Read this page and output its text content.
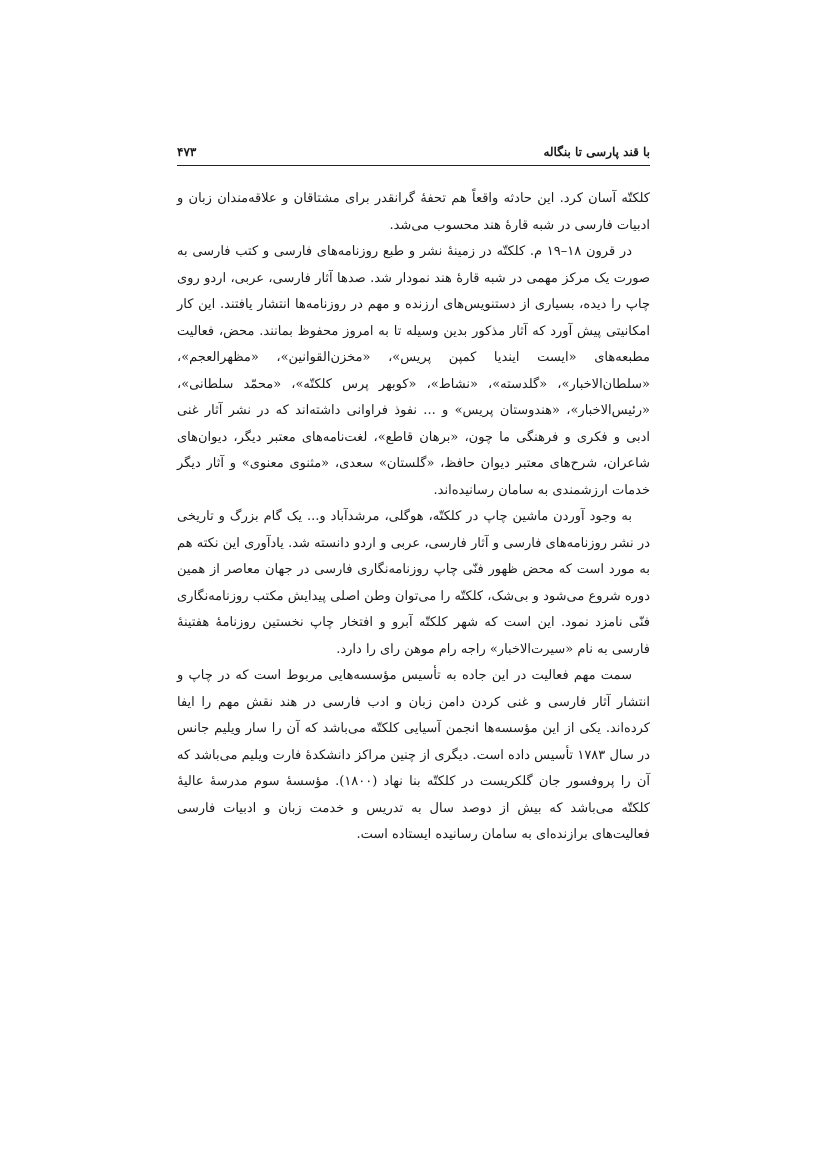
با قند پارسی تا بنگاله
۴۷۳

کلکتّه آسان کرد. این حادثه واقعاً هم تحفهٔ گرانقدر برای مشتاقان و علاقه‌مندان زبان و ادبیات فارسی در شبه قارهٔ هند محسوب می‌شد.

در قرون ۱۸–۱۹ م. کلکتّه در زمینهٔ نشر و طبع روزنامه‌های فارسی و کتب فارسی به صورت یک مرکز مهمی در شبه قارهٔ هند نمودار شد. صدها آثار فارسی، عربی، اردو روی چاپ را دیده، بسیاری از دستنویس‌های ارزنده و مهم در روزنامه‌ها انتشار یافتند. این کار امکانیتی پیش آورد که آثار مذکور بدین وسیله تا به امروز محفوظ بمانند. محض، فعالیت مطبعه‌های «ایست اینديا کمپن پریس»، «مخزن‌القوانین»، «مظهرالعجم»، «سلطان‌الاخبار»، «گلدسته»، «نشاط»، «کوبهر پرس کلکتّه»، «محمّد سلطانی»، «رئیس‌الاخبار»، «هندوستان پریس» و ... نفوذ فراوانی داشته‌اند که در نشر آثار غنی ادبی و فکری و فرهنگی ما چون، «برهان قاطع»، لغت‌نامه‌های معتبر دیگر، دیوان‌های شاعران، شرح‌های معتبر دیوان حافظ، «گلستان» سعدی، «مثنوی معنوی» و آثار دیگر خدمات ارزشمندی به سامان رسانیده‌اند.

به وجود آوردن ماشین چاپ در کلکتّه، هوگلی، مرشدآباد و... یک گام بزرگ و تاریخی در نشر روزنامه‌های فارسی و آثار فارسی، عربی و اردو دانسته شد. یادآوری این نکته هم به مورد است که محض ظهور فنّی چاپ روزنامه‌نگاری فارسی در جهان معاصر از همین دوره شروع می‌شود و بی‌شک، کلکتّه را می‌توان وطن اصلی پیدایش مکتب روزنامه‌نگاری فنّی نامزد نمود. این است که شهر کلکتّه آبرو و افتخار چاپ نخستین روزنامهٔ هفتینهٔ فارسی به نام «سیرت‌الاخبار» راجه رام موهن رای را دارد.

سمت مهم فعالیت در این جاده به تأسیس مؤسسه‌هایی مربوط است که در چاپ و انتشار آثار فارسی و غنی کردن دامن زبان و ادب فارسی در هند نقش مهم را ایفا کرده‌اند. یکی از این مؤسسه‌ها انجمن آسیایی کلکتّه می‌باشد که آن را سار ویلیم جانس در سال ۱۷۸۳ تأسیس داده است. دیگری از چنین مراکز دانشکدهٔ فارت ویلیم می‌باشد که آن را پروفسور جان گلکریست در کلکتّه بنا نهاد (۱۸۰۰). مؤسسهٔ سوم مدرسهٔ عالیهٔ کلکتّه می‌باشد که بیش از دوصد سال به تدریس و خدمت زبان و ادبیات فارسی فعالیت‌های برازنده‌ای به سامان رسانیده ایستاده است.
